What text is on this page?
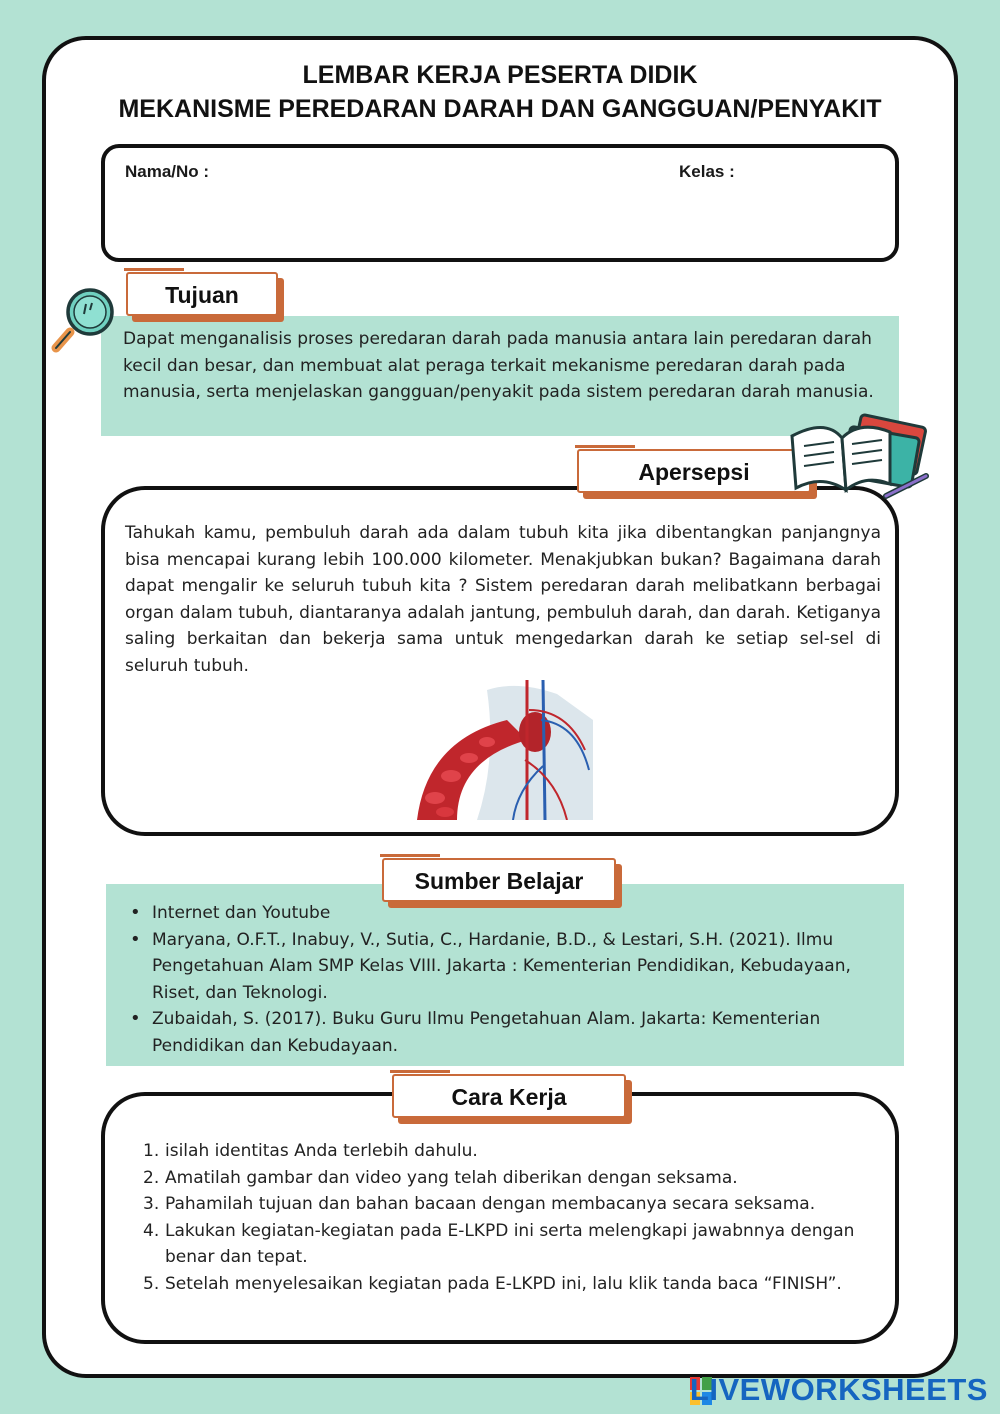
LEMBAR KERJA PESERTA DIDIK
MEKANISME PEREDARAN DARAH DAN GANGGUAN/PENYAKIT
Nama/No :	Kelas :

Dapat menganalisis proses peredaran darah pada manusia antara lain peredaran darah kecil dan besar, dan membuat alat peraga terkait mekanisme peredaran darah pada manusia, serta menjelaskan gangguan/penyakit pada sistem peredaran darah manusia.

Tujuan

Tahukah kamu, pembuluh darah ada dalam tubuh kita jika dibentangkan panjangnya bisa mencapai kurang lebih 100.000 kilometer. Menakjubkan bukan? Bagaimana darah dapat mengalir ke seluruh tubuh kita ? Sistem peredaran darah melibatkann berbagai organ dalam tubuh, diantaranya adalah jantung, pembuluh darah, dan darah. Ketiganya saling berkaitan dan bekerja sama untuk mengedarkan darah ke setiap sel-sel di seluruh tubuh.

Apersepsi
• Internet dan Youtube
• Maryana, O.F.T., Inabuy, V., Sutia, C., Hardanie, B.D., & Lestari, S.H. (2021). Ilmu Pengetahuan Alam SMP Kelas VIII. Jakarta : Kementerian Pendidikan, Kebudayaan, Riset, dan Teknologi.
• Zubaidah, S. (2017). Buku Guru Ilmu Pengetahuan Alam. Jakarta: Kementerian Pendidikan dan Kebudayaan.
Sumber Belajar
1. isilah identitas Anda terlebih dahulu.
2. Amatilah gambar dan video yang telah diberikan dengan seksama.
3. Pahamilah tujuan dan bahan bacaan dengan membacanya secara seksama.
4. Lakukan kegiatan-kegiatan pada E-LKPD ini serta melengkapi jawabnnya dengan benar dan tepat.
5. Setelah menyelesaikan kegiatan pada E-LKPD ini, lalu klik tanda baca “FINISH”.
Cara Kerja
LIVEWORKSHEETS
